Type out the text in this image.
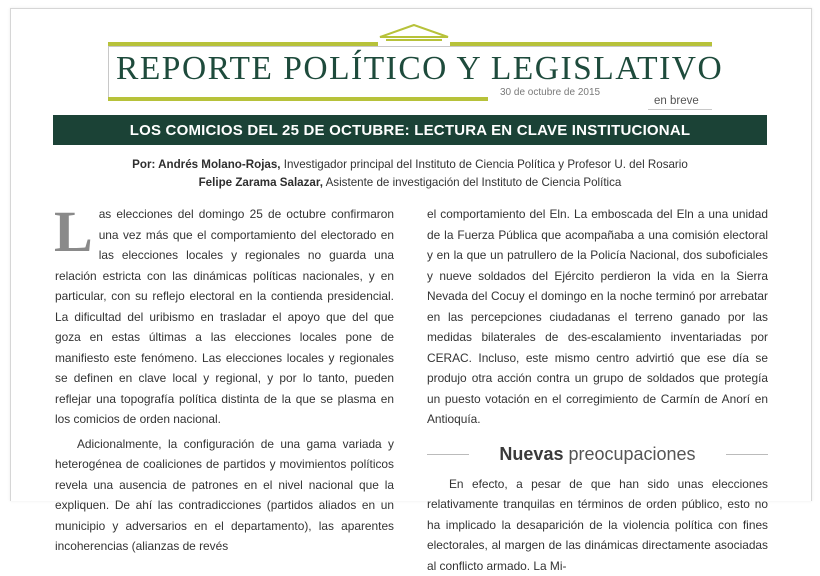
REPORTE POLÍTICO Y LEGISLATIVO
30 de octubre de 2015
en breve
LOS COMICIOS DEL 25 DE OCTUBRE: LECTURA EN CLAVE INSTITUCIONAL
Por: Andrés Molano-Rojas, Investigador principal del Instituto de Ciencia Política y Profesor U. del Rosario
Felipe Zarama Salazar, Asistente de investigación del Instituto de Ciencia Política

Las elecciones del domingo 25 de octubre confirmaron una vez más que el comportamiento del electorado en las elecciones locales y regionales no guarda una relación estricta con las dinámicas políticas nacionales, y en particular, con su reflejo electoral en la contienda presidencial. La dificultad del uribismo en trasladar el apoyo que del que goza en estas últimas a las elecciones locales pone de manifiesto este fenómeno. Las elecciones locales y regionales se definen en clave local y regional, y por lo tanto, pueden reflejar una topografía política distinta de la que se plasma en los comicios de orden nacional.

Adicionalmente, la configuración de una gama variada y heterogénea de coaliciones de partidos y movimientos políticos revela una ausencia de patrones en el nivel nacional que la expliquen. De ahí las contradicciones (partidos aliados en un municipio y adversarios en el departamento), las aparentes incoherencias (alianzas de revés

el comportamiento del Eln. La emboscada del Eln a una unidad de la Fuerza Pública que acompañaba a una comisión electoral y en la que un patrullero de la Policía Nacional, dos suboficiales y nueve soldados del Ejército perdieron la vida en la Sierra Nevada del Cocuy el domingo en la noche terminó por arrebatar en las percepciones ciudadanas el terreno ganado por las medidas bilaterales de des-escalamiento inventariadas por CERAC. Incluso, este mismo centro advirtió que ese día se produjo otra acción contra un grupo de soldados que protegía un puesto votación en el corregimiento de Carmín de Anorí en Antioquía.

Nuevas preocupaciones

En efecto, a pesar de que han sido unas elecciones relativamente tranquilas en términos de orden público, esto no ha implicado la desaparición de la violencia política con fines electorales, al margen de las dinámicas directamente asociadas al conflicto armado. La Mi-
